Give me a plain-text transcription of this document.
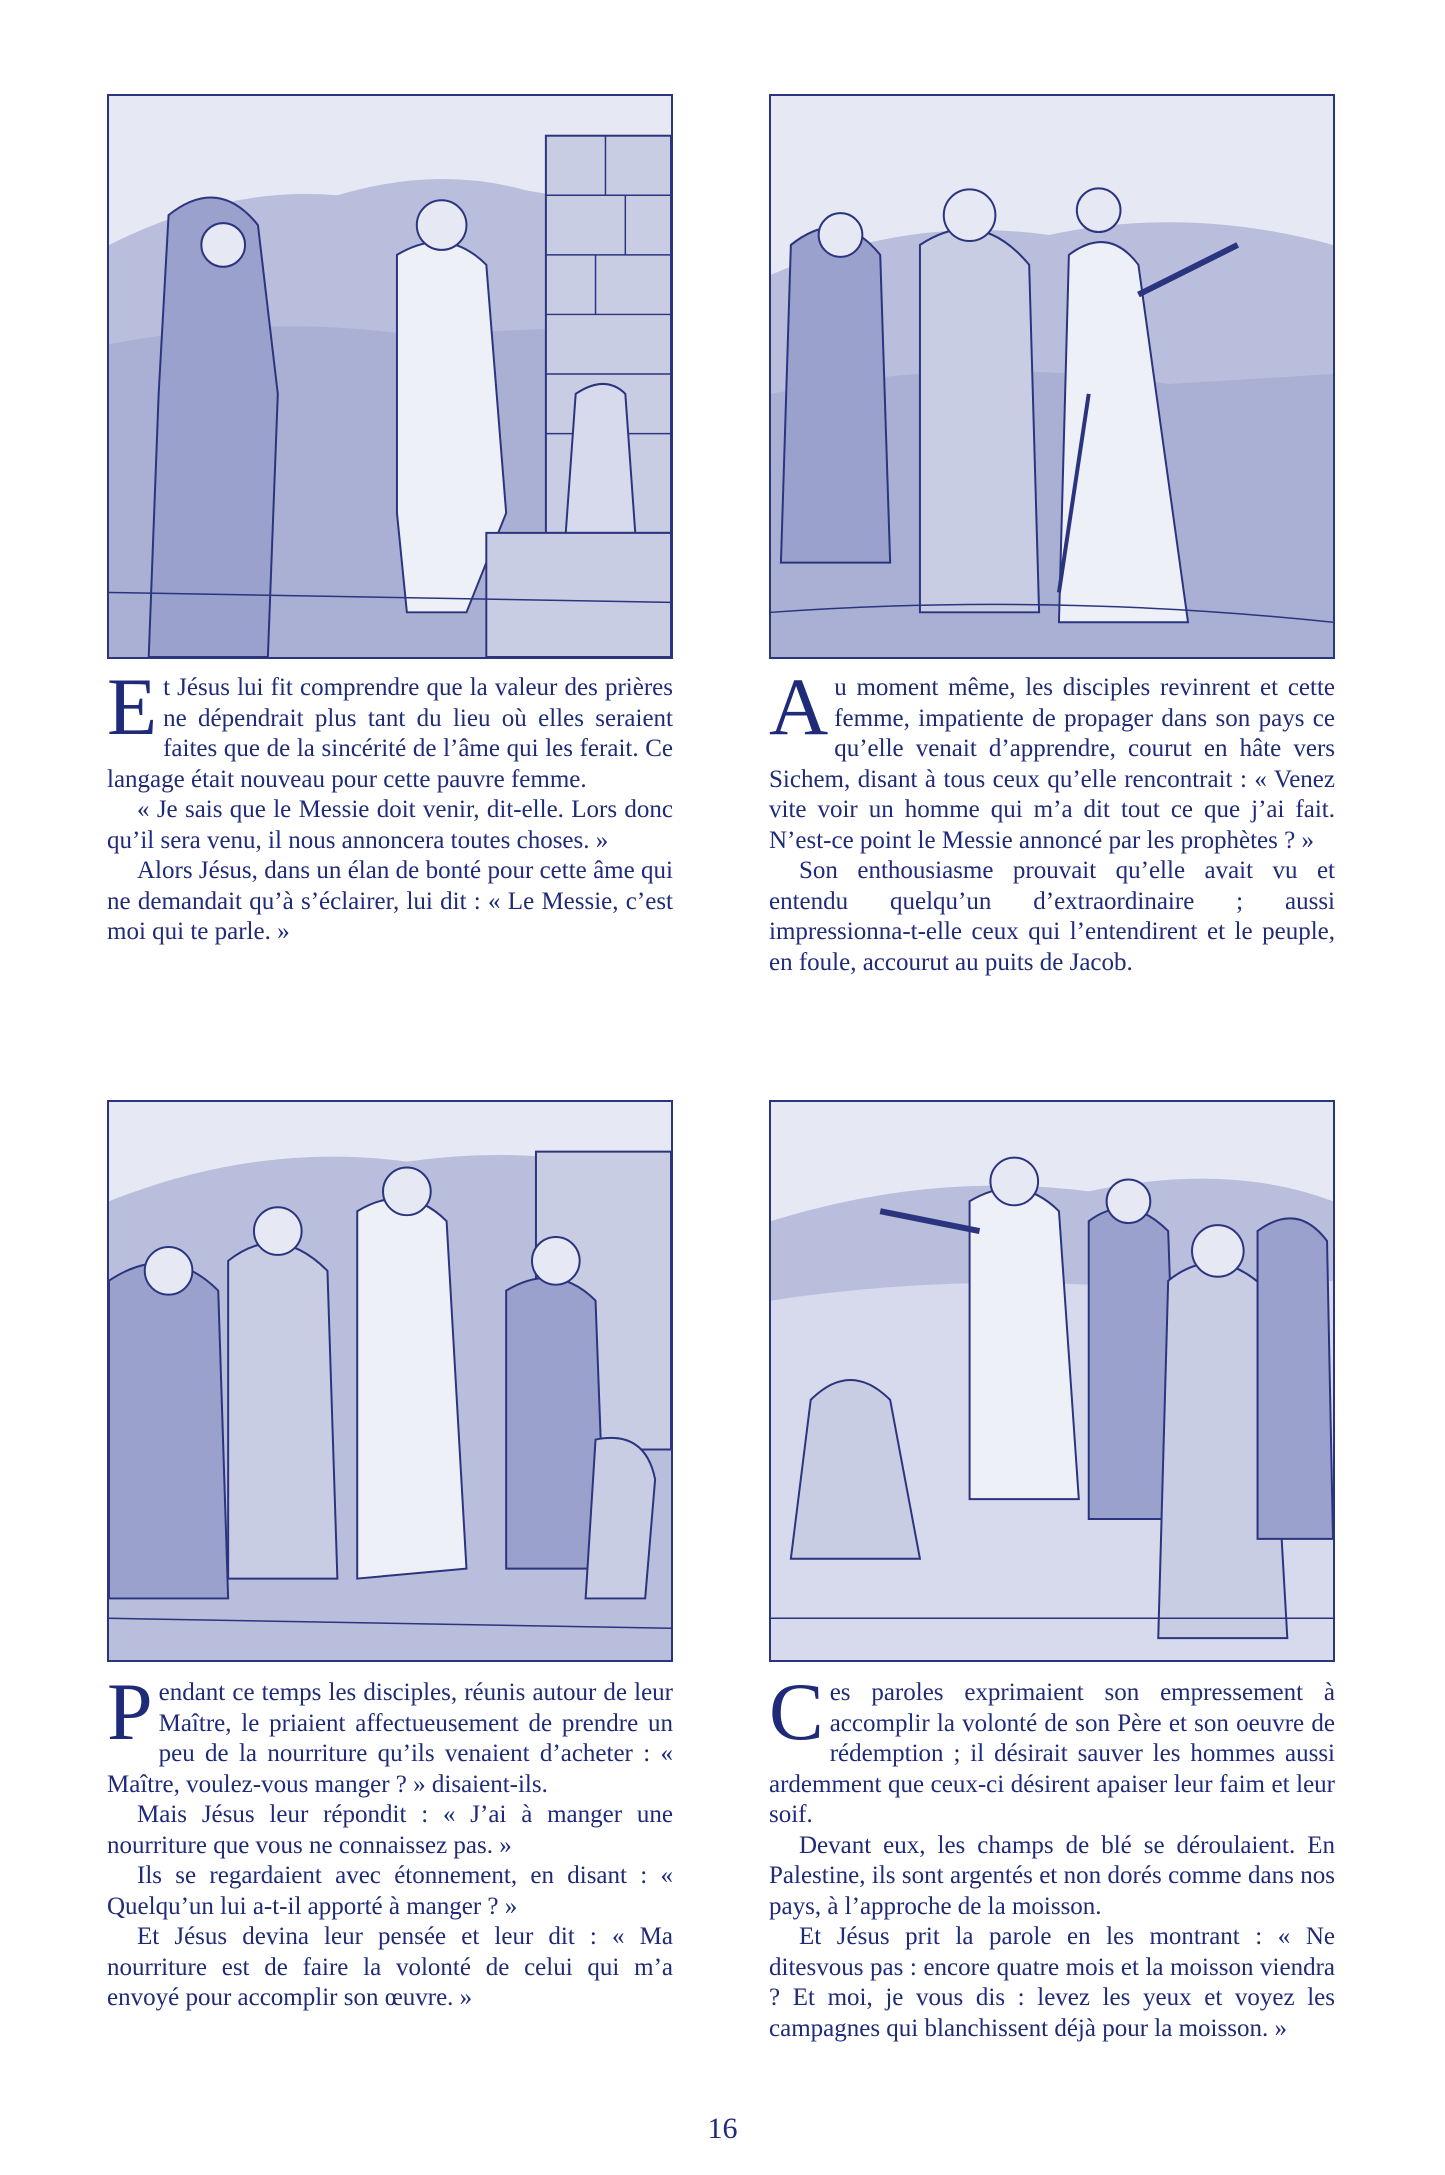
Et Jésus lui fit comprendre que la valeur des prières ne dépendrait plus tant du lieu où elles seraient faites que de la sincérité de l’âme qui les ferait. Ce langage était nouveau pour cette pauvre femme.

« Je sais que le Messie doit venir, dit-elle. Lors donc qu’il sera venu, il nous annoncera toutes choses. »

Alors Jésus, dans un élan de bonté pour cette âme qui ne demandait qu’à s’éclairer, lui dit : « Le Messie, c’est moi qui te parle. »

Au moment même, les disciples revinrent et cette femme, impatiente de propager dans son pays ce qu’elle venait d’apprendre, courut en hâte vers Sichem, disant à tous ceux qu’elle rencontrait : « Venez vite voir un homme qui m’a dit tout ce que j’ai fait. N’est-ce point le Messie annoncé par les prophètes ? »

Son enthousiasme prouvait qu’elle avait vu et entendu quelqu’un d’extraordinaire ; aussi impressionna-t-elle ceux qui l’entendirent et le peuple, en foule, accourut au puits de Jacob.

Pendant ce temps les disciples, réunis autour de leur Maître, le priaient affectueusement de prendre un peu de la nourriture qu’ils venaient d’acheter : « Maître, voulez-vous manger ? » disaient-ils.

Mais Jésus leur répondit : « J’ai à manger une nourriture que vous ne connaissez pas. »

Ils se regardaient avec étonnement, en disant : « Quelqu’un lui a-t-il apporté à manger ? »

Et Jésus devina leur pensée et leur dit : « Ma nourriture est de faire la volonté de celui qui m’a envoyé pour accomplir son œuvre. »

Ces paroles exprimaient son empressement à accomplir la volonté de son Père et son oeuvre de rédemption ; il désirait sauver les hommes aussi ardemment que ceux-ci désirent apaiser leur faim et leur soif.

Devant eux, les champs de blé se déroulaient. En Palestine, ils sont argentés et non dorés comme dans nos pays, à l’approche de la moisson.

Et Jésus prit la parole en les montrant : « Ne ditesvous pas : encore quatre mois et la moisson viendra ? Et moi, je vous dis : levez les yeux et voyez les campagnes qui blanchissent déjà pour la moisson. »

16
